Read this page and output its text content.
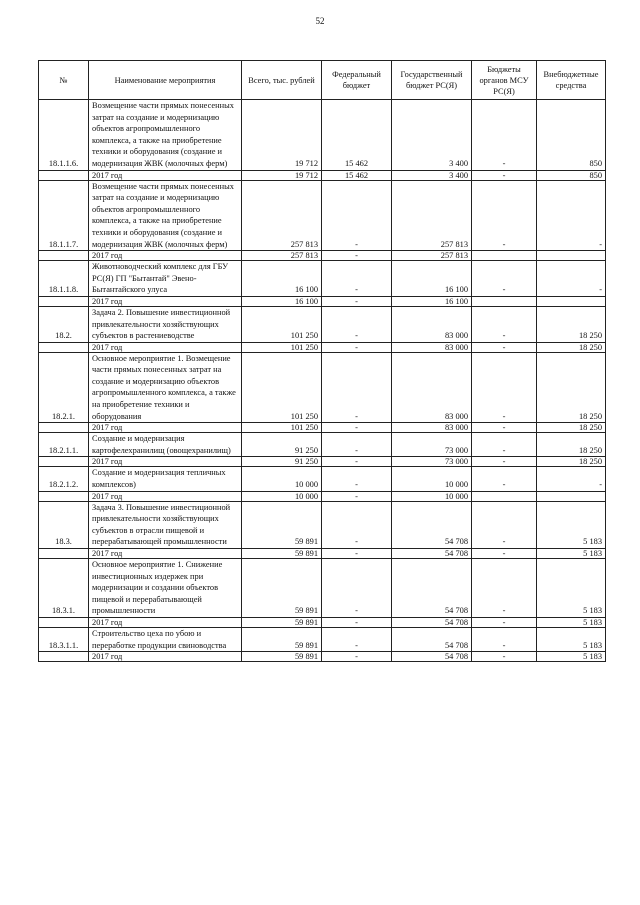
52
№	Наименование мероприятия	Всего, тыс. рублей	Федеральный бюджет	Государственный бюджет РС(Я)	Бюджеты органов МСУ РС(Я)	Внебюджетные средства
18.1.1.6.	Возмещение части прямых понесенных затрат на создание и модернизацию объектов агропромышленного комплекса, а также на приобретение техники и оборудования (создание и модернизация ЖВК (молочных ферм)	19 712	15 462	3 400	-	850
	2017 год	19 712	15 462	3 400	-	850
18.1.1.7.	Возмещение части прямых понесенных затрат на создание и модернизацию объектов агропромышленного комплекса, а также на приобретение техники и оборудования (создание и модернизация ЖВК (молочных ферм)	257 813	-	257 813	-	-
	2017 год	257 813	-	257 813		
18.1.1.8.	Животноводческий комплекс для ГБУ РС(Я) ГП "Бытантай" Эвено-Бытантайского улуса	16 100	-	16 100	-	-
	2017 год	16 100	-	16 100		
18.2.	Задача 2. Повышение инвестиционной привлекательности хозяйствующих субъектов в растениеводстве	101 250	-	83 000	-	18 250
	2017 год	101 250	-	83 000	-	18 250
18.2.1.	Основное мероприятие 1. Возмещение части прямых понесенных затрат на создание и модернизацию объектов агропромышленного комплекса, а также на приобретение техники и оборудования	101 250	-	83 000	-	18 250
	2017 год	101 250	-	83 000	-	18 250
18.2.1.1.	Создание и модернизация картофелехранилищ (овощехранилищ)	91 250	-	73 000	-	18 250
	2017 год	91 250	-	73 000	-	18 250
18.2.1.2.	Создание и модернизация тепличных комплексов)	10 000	-	10 000	-	-
	2017 год	10 000	-	10 000		
18.3.	Задача 3. Повышение инвестиционной привлекательности хозяйствующих субъектов в отрасли пищевой и перерабатывающей промышленности	59 891	-	54 708	-	5 183
	2017 год	59 891	-	54 708	-	5 183
18.3.1.	Основное мероприятие 1. Снижение инвестиционных издержек при модернизации и создании объектов пищевой и перерабатывающей промышленности	59 891	-	54 708	-	5 183
	2017 год	59 891	-	54 708	-	5 183
18.3.1.1.	Строительство цеха по убою и переработке продукции свиноводства	59 891	-	54 708	-	5 183
	2017 год	59 891	-	54 708	-	5 183
